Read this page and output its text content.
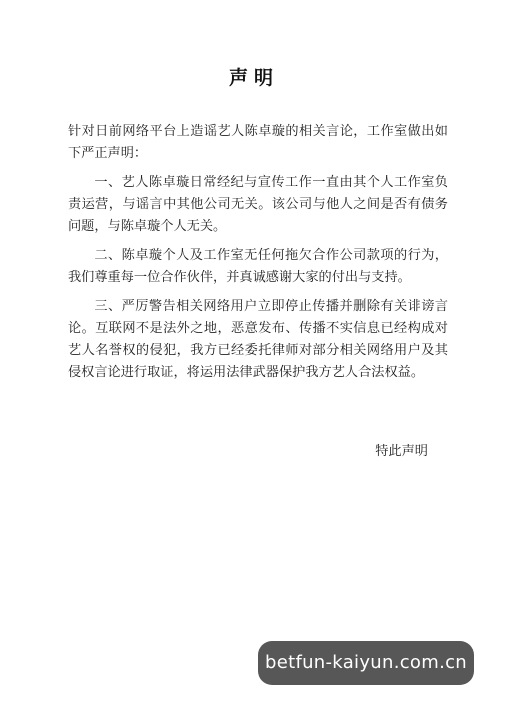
声明

针对日前网络平台上造谣艺人陈卓璇的相关言论，工作室做出如下严正声明：

一、艺人陈卓璇日常经纪与宣传工作一直由其个人工作室负责运营，与谣言中其他公司无关。该公司与他人之间是否有债务问题，与陈卓璇个人无关。

二、陈卓璇个人及工作室无任何拖欠合作公司款项的行为，我们尊重每一位合作伙伴，并真诚感谢大家的付出与支持。

三、严厉警告相关网络用户立即停止传播并删除有关诽谤言论。互联网不是法外之地，恶意发布、传播不实信息已经构成对艺人名誉权的侵犯，我方已经委托律师对部分相关网络用户及其侵权言论进行取证，将运用法律武器保护我方艺人合法权益。

特此声明
betfun-kaiyun.com.cn
